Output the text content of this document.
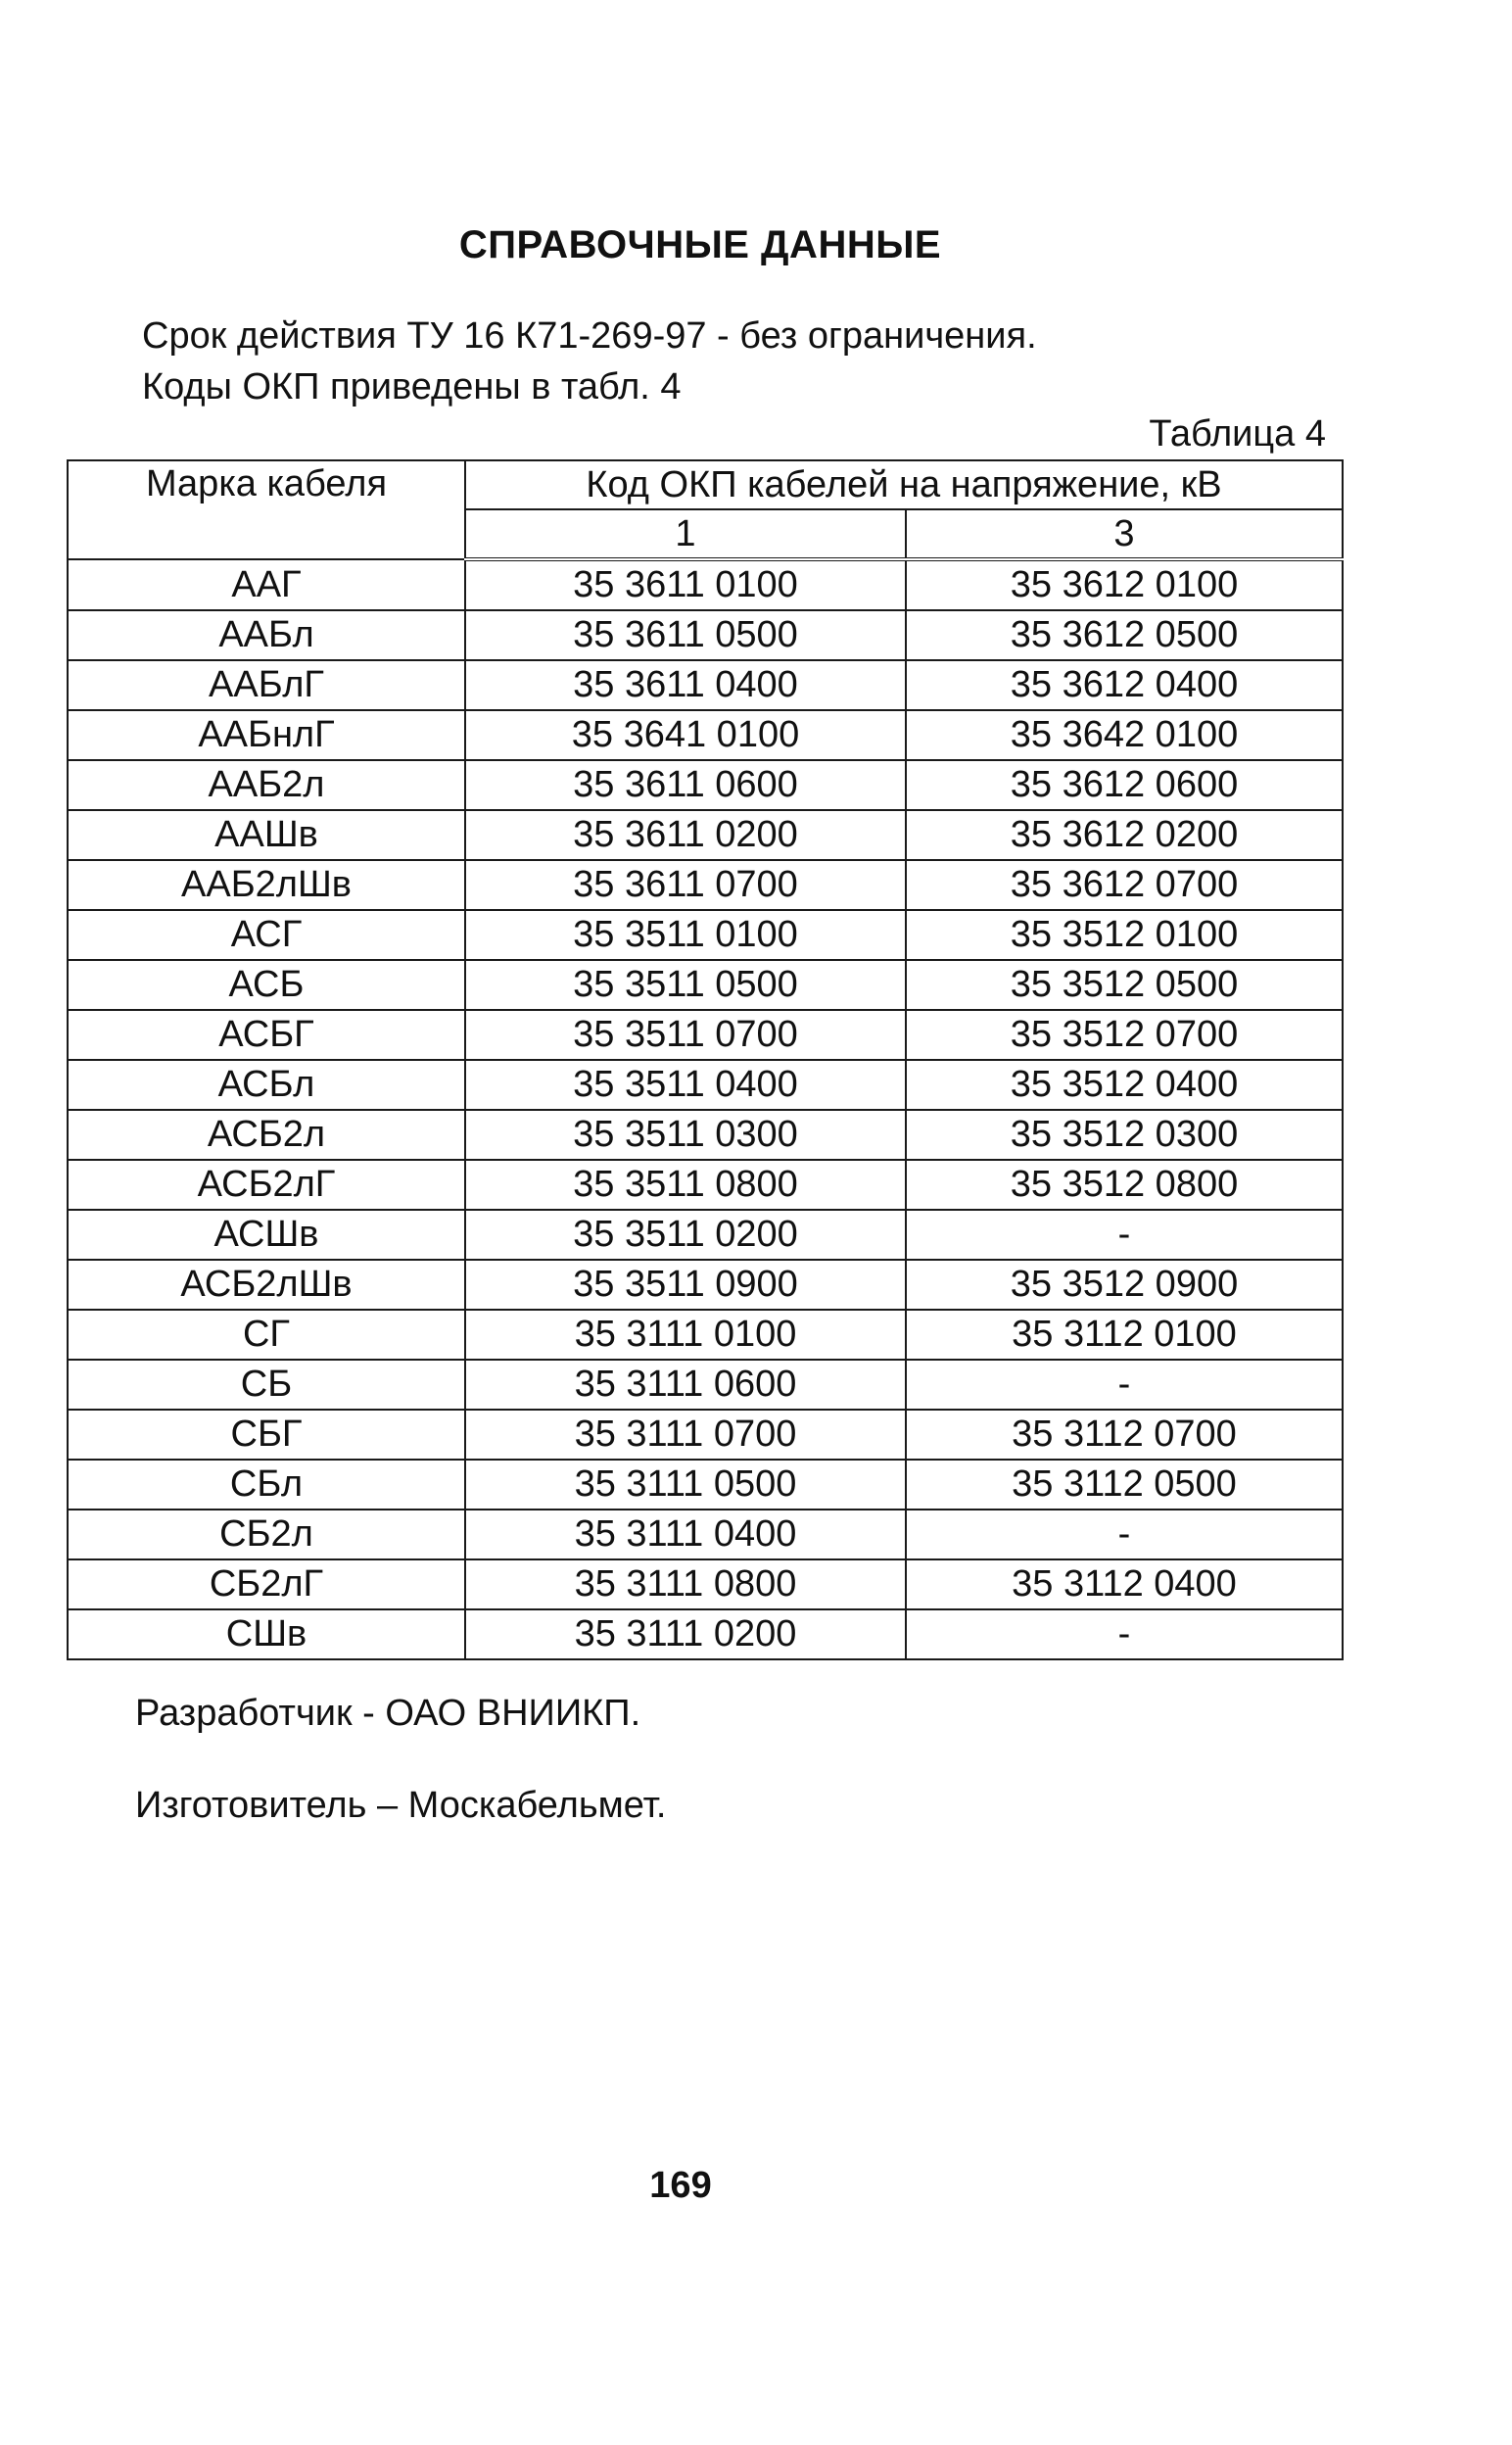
СПРАВОЧНЫЕ ДАННЫЕ
Срок действия ТУ 16 К71-269-97 - без ограничения.
Коды ОКП приведены в табл. 4
Таблица 4
Марка кабеля	Код ОКП кабелей на напряжение, кВ	
	1	3
ААГ	35 3611 0100	35 3612 0100
ААБл	35 3611 0500	35 3612 0500
ААБлГ	35 3611 0400	35 3612 0400
ААБнлГ	35 3641 0100	35 3642 0100
ААБ2л	35 3611 0600	35 3612 0600
ААШв	35 3611 0200	35 3612 0200
ААБ2лШв	35 3611 0700	35 3612 0700
АСГ	35 3511 0100	35 3512 0100
АСБ	35 3511 0500	35 3512 0500
АСБГ	35 3511 0700	35 3512 0700
АСБл	35 3511 0400	35 3512 0400
АСБ2л	35 3511 0300	35 3512 0300
АСБ2лГ	35 3511 0800	35 3512 0800
АСШв	35 3511 0200	-
АСБ2лШв	35 3511 0900	35 3512 0900
СГ	35 3111 0100	35 3112 0100
СБ	35 3111 0600	-
СБГ	35 3111 0700	35 3112 0700
СБл	35 3111 0500	35 3112 0500
СБ2л	35 3111 0400	-
СБ2лГ	35 3111 0800	35 3112 0400
СШв	35 3111 0200	-
Разработчик - ОАО ВНИИКП.
Изготовитель – Москабельмет.
169
